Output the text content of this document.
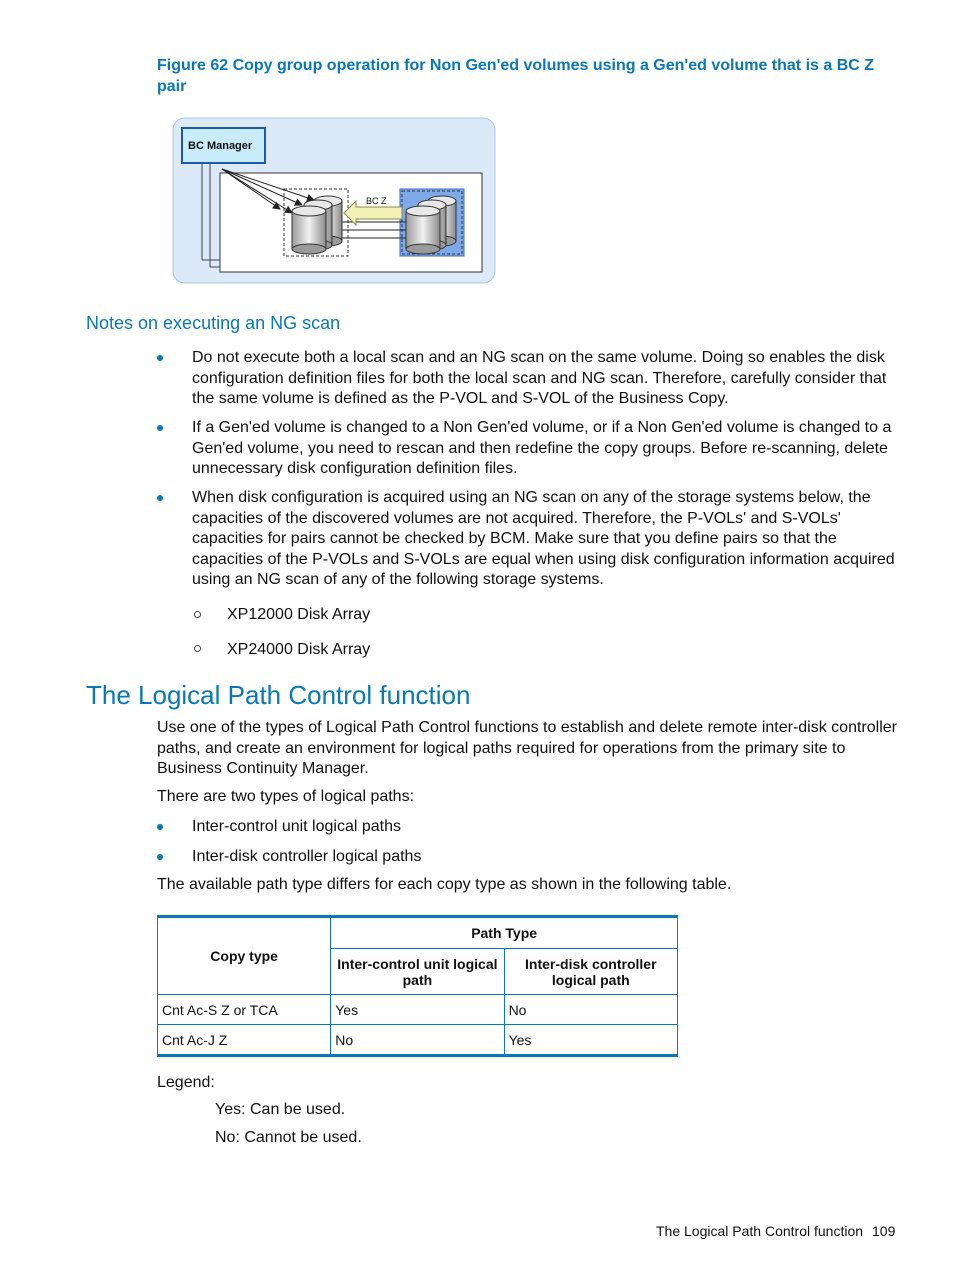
Figure 62 Copy group operation for Non Gen'ed volumes using a Gen'ed volume that is a BC Z pair
BC Manager
BC Z
Notes on executing an NG scan
Do not execute both a local scan and an NG scan on the same volume. Doing so enables the disk configuration definition files for both the local scan and NG scan. Therefore, carefully consider that the same volume is defined as the P-VOL and S-VOL of the Business Copy.
If a Gen'ed volume is changed to a Non Gen'ed volume, or if a Non Gen'ed volume is changed to a Gen'ed volume, you need to rescan and then redefine the copy groups. Before re-scanning, delete unnecessary disk configuration definition files.
When disk configuration is acquired using an NG scan on any of the storage systems below, the capacities of the discovered volumes are not acquired. Therefore, the P-VOLs' and S-VOLs' capacities for pairs cannot be checked by BCM. Make sure that you define pairs so that the capacities of the P-VOLs and S-VOLs are equal when using disk configuration information acquired using an NG scan of any of the following storage systems.
XP12000 Disk Array
XP24000 Disk Array
The Logical Path Control function
Use one of the types of Logical Path Control functions to establish and delete remote inter-disk controller paths, and create an environment for logical paths required for operations from the primary site to Business Continuity Manager.
There are two types of logical paths:
Inter-control unit logical paths
Inter-disk controller logical paths
The available path type differs for each copy type as shown in the following table.
Copy type	Path Type	
	Inter-control unit logical path	Inter-disk controller logical path
Cnt Ac-S Z or TCA	Yes	No
Cnt Ac-J Z	No	Yes
Legend:
Yes: Can be used.
No: Cannot be used.
The Logical Path Control function 109
